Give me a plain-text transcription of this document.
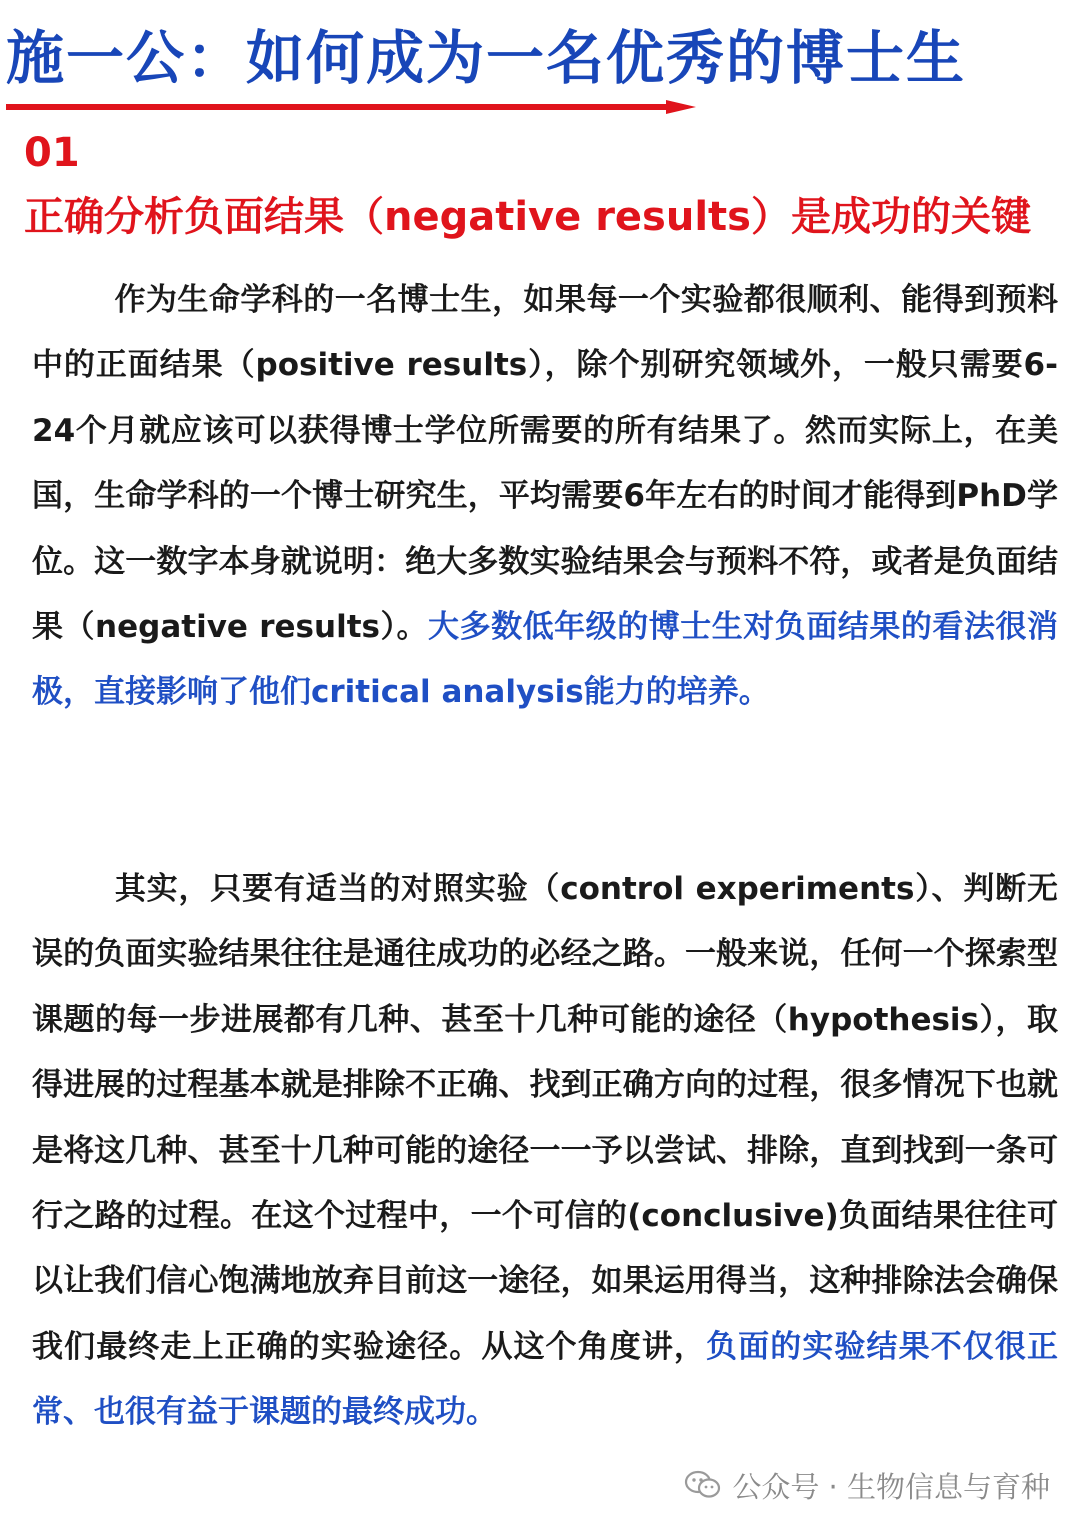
施一公：如何成为一名优秀的博士生
01
正确分析负面结果（negative results）是成功的关键
作为生命学科的一名博士生，如果每一个实验都很顺利、能得到预料中的正面结果（positive results），除个别研究领域外，一般只需要6-24个月就应该可以获得博士学位所需要的所有结果了。然而实际上，在美国，生命学科的一个博士研究生，平均需要6年左右的时间才能得到PhD学位。这一数字本身就说明：绝大多数实验结果会与预料不符，或者是负面结果（negative results）。大多数低年级的博士生对负面结果的看法很消极，直接影响了他们critical analysis能力的培养。
其实，只要有适当的对照实验（control experiments）、判断无误的负面实验结果往往是通往成功的必经之路。一般来说，任何一个探索型课题的每一步进展都有几种、甚至十几种可能的途径（hypothesis），取得进展的过程基本就是排除不正确、找到正确方向的过程，很多情况下也就是将这几种、甚至十几种可能的途径一一予以尝试、排除，直到找到一条可行之路的过程。在这个过程中，一个可信的(conclusive)负面结果往往可以让我们信心饱满地放弃目前这一途径，如果运用得当，这种排除法会确保我们最终走上正确的实验途径。从这个角度讲，负面的实验结果不仅很正常、也很有益于课题的最终成功。
公众号 · 生物信息与育种
